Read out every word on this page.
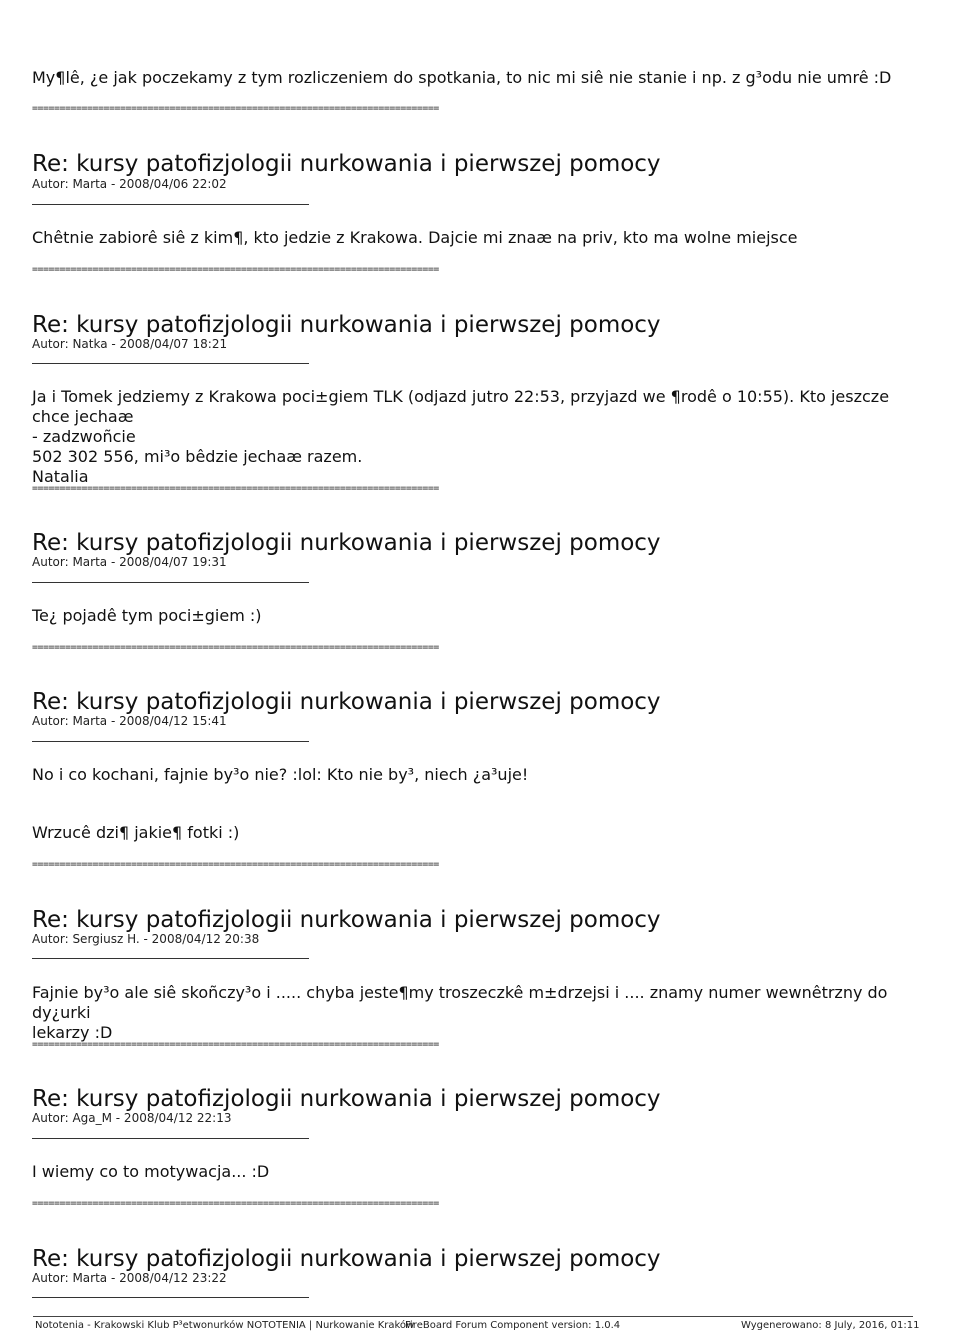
My¶lê, ¿e jak poczekamy z tym rozliczeniem do spotkania, to nic mi siê nie stanie i np. z g³odu nie umrê :D
==========================================================================
Re: kursy patofizjologii nurkowania i pierwszej pomocy
Autor: Marta - 2008/04/06 22:02

Chêtnie zabiorê siê z kim¶, kto jedzie z Krakowa. Dajcie mi znaæ na priv, kto ma wolne miejsce

==========================================================================
Re: kursy patofizjologii nurkowania i pierwszej pomocy
Autor: Natka - 2008/04/07 18:21

Ja i Tomek jedziemy z Krakowa poci±giem TLK (odjazd jutro 22:53, przyjazd we ¶rodê o 10:55). Kto jeszcze chce jechaæ

- zadzwoñcie

502 302 556, mi³o bêdzie jechaæ razem.

Natalia

==========================================================================
Re: kursy patofizjologii nurkowania i pierwszej pomocy
Autor: Marta - 2008/04/07 19:31

Te¿ pojadê tym poci±giem :)

==========================================================================
Re: kursy patofizjologii nurkowania i pierwszej pomocy
Autor: Marta - 2008/04/12 15:41

No i co kochani, fajnie by³o nie? :lol: Kto nie by³, niech ¿a³uje!

Wrzucê dzi¶ jakie¶ fotki :)

==========================================================================
Re: kursy patofizjologii nurkowania i pierwszej pomocy
Autor: Sergiusz H. - 2008/04/12 20:38

Fajnie by³o ale siê skoñczy³o i ..... chyba jeste¶my troszeczkê m±drzejsi i .... znamy numer wewnêtrzny do dy¿urki

lekarzy :D

==========================================================================
Re: kursy patofizjologii nurkowania i pierwszej pomocy
Autor: Aga_M - 2008/04/12 22:13

I wiemy co to motywacja... :D

==========================================================================
Re: kursy patofizjologii nurkowania i pierwszej pomocy
Autor: Marta - 2008/04/12 23:22
Nototenia - Krakowski Klub P³etwonurków NOTOTENIA | Nurkowanie Kraków
FireBoard Forum Component version: 1.0.4	Wygenerowano: 8 July, 2016, 01:11
